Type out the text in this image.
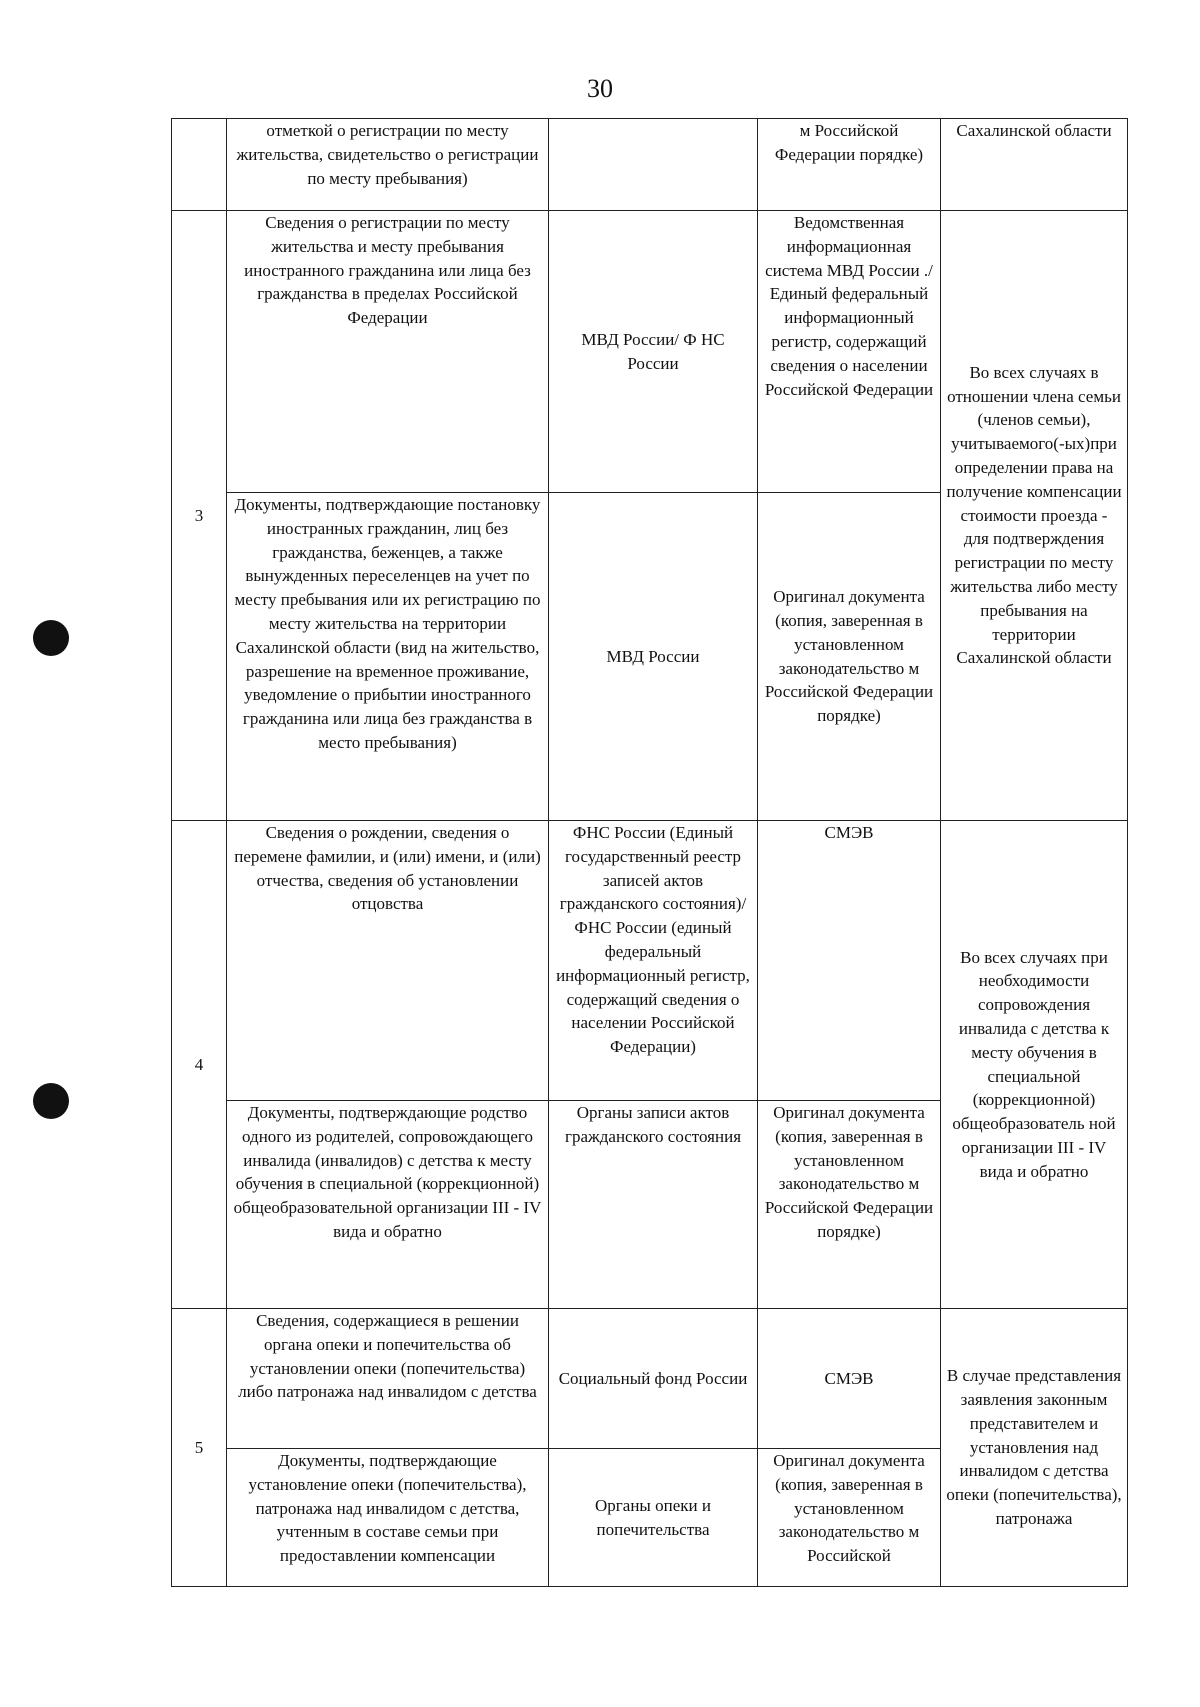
30

	отметкой о регистрации по месту жительства, свидетельство о регистрации по месту пребывания)		м Российской Федерации порядке)	Сахалинской области

3	Сведения о регистрации по месту жительства и месту пребывания иностранного гражданина или лица без гражданства в пределах Российской Федерации	МВД России/ Ф НС России	Ведомственная информационная система МВД России ./Единый федеральный информационный регистр, содержащий сведения о населении Российской Федерации	Во всех случаях в отношении члена семьи (членов семьи), учитываемого(-ых)при определении права на получение компенсации стоимости проезда - для подтверждения регистрации по месту жительства либо месту пребывания на территории Сахалинской области

	Документы, подтверждающие постановку иностранных гражданин, лиц без гражданства, беженцев, а также вынужденных переселенцев на учет по месту пребывания или их регистрацию по месту жительства на территории Сахалинской области (вид на жительство, разрешение на временное проживание, уведомление о прибытии иностранного гражданина или лица без гражданства в место пребывания)	МВД России	Оригинал документа (копия, заверенная в установленном законодательство м Российской Федерации порядке)	

4	Сведения о рождении, сведения о перемене фамилии, и (или) имени, и (или) отчества, сведения об установлении отцовства	ФНС России (Единый государственный реестр записей актов гражданского состояния)/ФНС России (единый федеральный информационный регистр, содержащий сведения о населении Российской Федерации)	СМЭВ	Во всех случаях при необходимости сопровождения инвалида с детства к месту обучения в специальной (коррекционной) общеобразователь ной организации III - IV вида и обратно

	Документы, подтверждающие родство одного из родителей, сопровождающего инвалида (инвалидов) с детства к месту обучения в специальной (коррекционной) общеобразовательной организации III - IV вида и обратно	Органы записи актов гражданского состояния	Оригинал документа (копия, заверенная в установленном законодательство м Российской Федерации порядке)	

5	Сведения, содержащиеся в решении органа опеки и попечительства об установлении опеки (попечительства) либо патронажа над инвалидом с детства	Социальный фонд России	СМЭВ	В случае представления заявления законным представителем и установления над инвалидом с детства опеки (попечительства), патронажа

	Документы, подтверждающие установление опеки (попечительства), патронажа над инвалидом с детства, учтенным в составе семьи при предоставлении компенсации	Органы опеки и попечительства	Оригинал документа (копия, заверенная в установленном законодательство м Российской	
